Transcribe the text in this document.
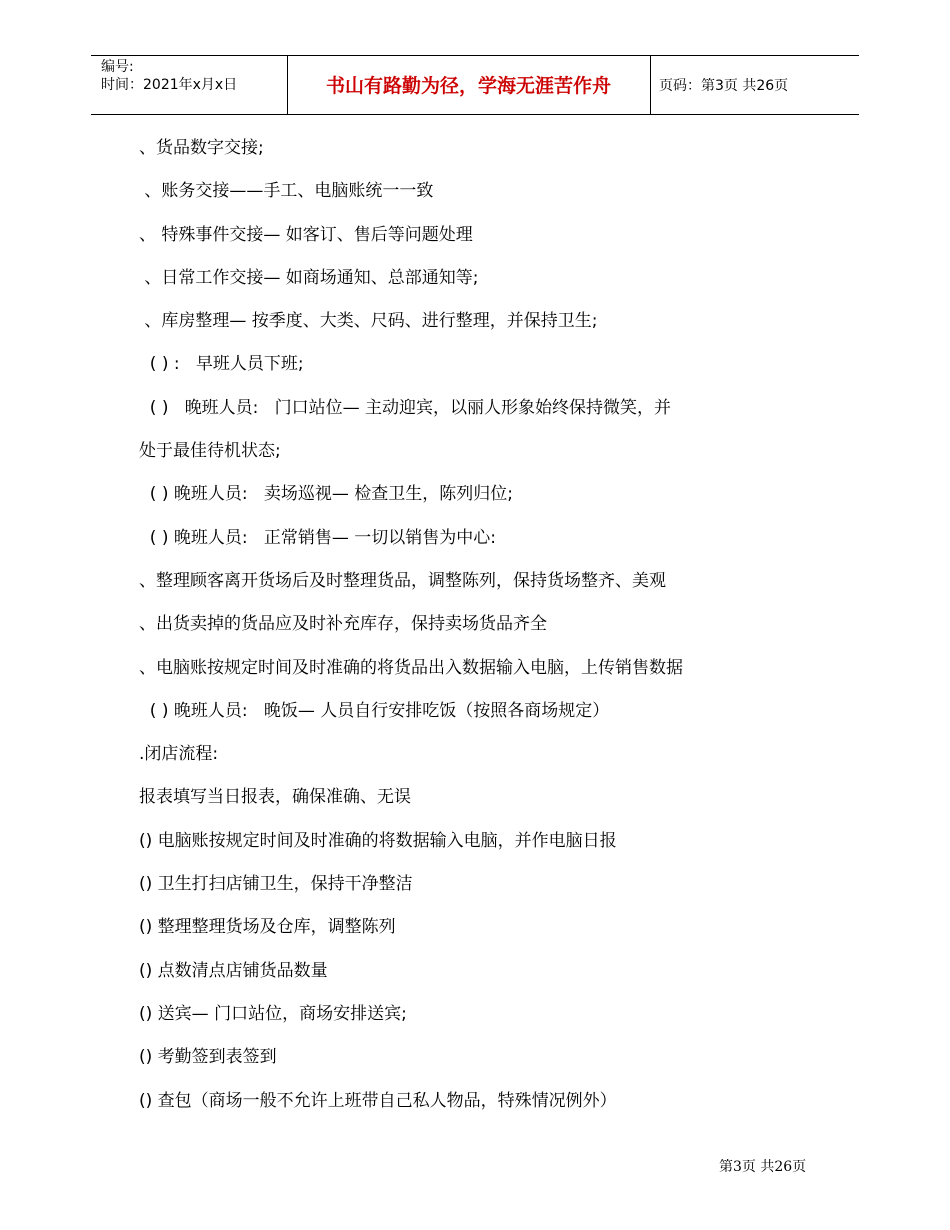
编号:
时间：2021年x月x日	书山有路勤为径，学海无涯苦作舟	页码：第3页 共26页
、货品数字交接;
、账务交接——手工、电脑账统一一致
、 特殊事件交接— 如客订、售后等问题处理
、日常工作交接— 如商场通知、总部通知等;
、库房整理— 按季度、大类、尺码、进行整理，并保持卫生;
( ) :   早班人员下班;
( )   晚班人员:   门口站位— 主动迎宾，以丽人形象始终保持微笑，并
处于最佳待机状态;
( ) 晚班人员:   卖场巡视— 检查卫生，陈列归位;
( ) 晚班人员:   正常销售— 一切以销售为中心:
、整理顾客离开货场后及时整理货品，调整陈列，保持货场整齐、美观
、出货卖掉的货品应及时补充库存，保持卖场货品齐全
、电脑账按规定时间及时准确的将货品出入数据输入电脑，上传销售数据
( ) 晚班人员:   晚饭— 人员自行安排吃饭（按照各商场规定）
.闭店流程:
报表填写当日报表，确保准确、无误
() 电脑账按规定时间及时准确的将数据输入电脑，并作电脑日报
() 卫生打扫店铺卫生，保持干净整洁
() 整理整理货场及仓库，调整陈列
() 点数清点店铺货品数量
() 送宾— 门口站位，商场安排送宾;
() 考勤签到表签到
() 查包（商场一般不允许上班带自己私人物品，特殊情况例外）
第3页 共26页
